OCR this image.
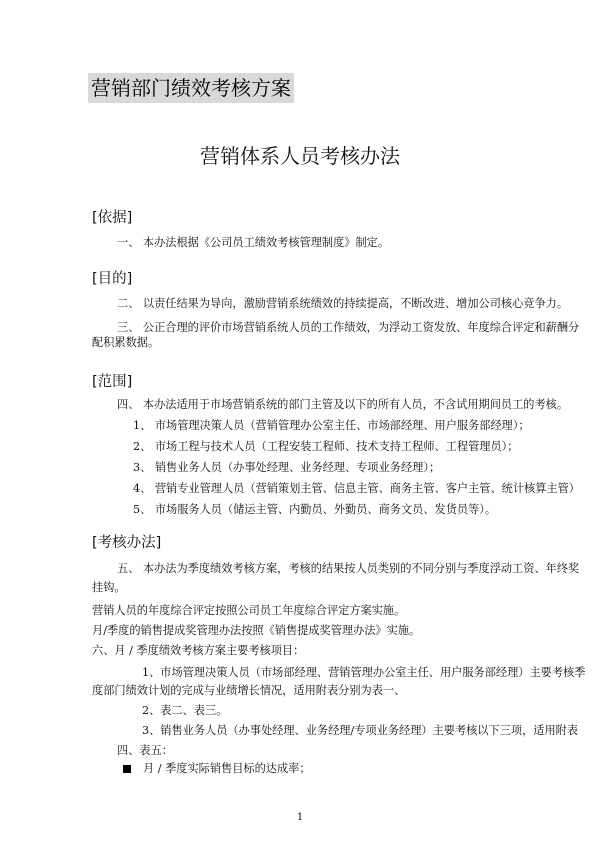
营销部门绩效考核方案
营销体系人员考核办法
[依据]
一、 本办法根据《公司员工绩效考核管理制度》制定。
[目的]
二、 以责任结果为导向，激励营销系统绩效的持续提高，不断改进、增加公司核心竞争力。
三、 公正合理的评价市场营销系统人员的工作绩效，为浮动工资发放、年度综合评定和薪酬分
配积累数据。
[范围]
四、 本办法适用于市场营销系统的部门主管及以下的所有人员，不含试用期间员工的考核。
1、 市场管理决策人员（营销管理办公室主任、市场部经理、用户服务部经理）；
2、 市场工程与技术人员（工程安装工程师、技术支持工程师、工程管理员）；
3、 销售业务人员（办事处经理、业务经理、专项业务经理）；
4、 营销专业管理人员（营销策划主管、信息主管、商务主管、客户主管、统计核算主管）
5、 市场服务人员（储运主管、内勤员、外勤员、商务文员、发货员等）。
[考核办法]
五、 本办法为季度绩效考核方案，考核的结果按人员类别的不同分别与季度浮动工资、年终奖
挂钩。
营销人员的年度综合评定按照公司员工年度综合评定方案实施。
月/季度的销售提成奖管理办法按照《销售提成奖管理办法》实施。
六、月 / 季度绩效考核方案主要考核项目：
1、市场管理决策人员（市场部经理、营销管理办公室主任、用户服务部经理）主要考核季
度部门绩效计划的完成与业绩增长情况，适用附表分别为表一、
2、表二、表三。
3、销售业务人员（办事处经理、业务经理/专项业务经理）主要考核以下三项，适用附表
四、表五：
月 / 季度实际销售目标的达成率；
1
